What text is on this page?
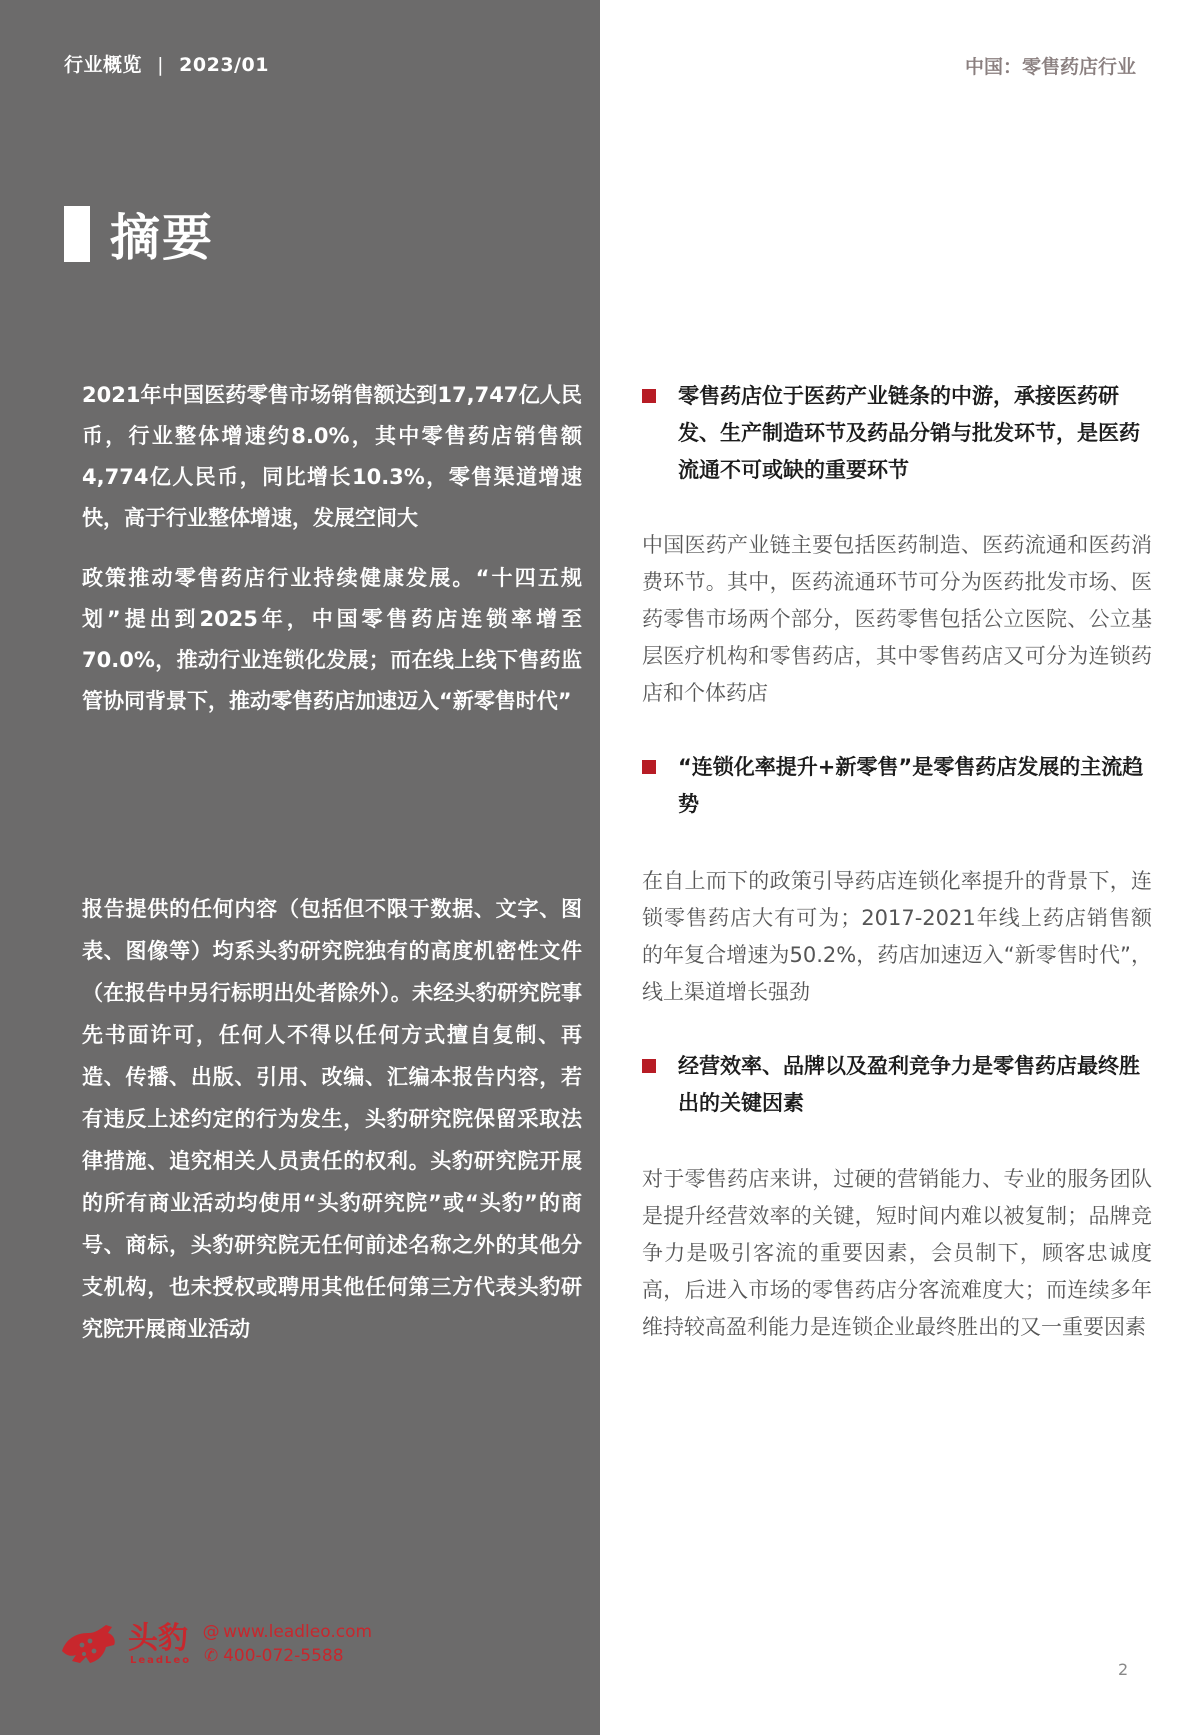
行业概览 | 2023/01	中国：零售药店行业
摘要
2021年中国医药零售市场销售额达到17,747亿人民币，行业整体增速约8.0%，其中零售药店销售额4,774亿人民币，同比增长10.3%，零售渠道增速快，高于行业整体增速，发展空间大
政策推动零售药店行业持续健康发展。“十四五规划”提出到2025年，中国零售药店连锁率增至70.0%，推动行业连锁化发展；而在线上线下售药监管协同背景下，推动零售药店加速迈入“新零售时代”
报告提供的任何内容（包括但不限于数据、文字、图表、图像等）均系头豹研究院独有的高度机密性文件（在报告中另行标明出处者除外）。未经头豹研究院事先书面许可，任何人不得以任何方式擅自复制、再造、传播、出版、引用、改编、汇编本报告内容，若有违反上述约定的行为发生，头豹研究院保留采取法律措施、追究相关人员责任的权利。头豹研究院开展的所有商业活动均使用“头豹研究院”或“头豹”的商号、商标，头豹研究院无任何前述名称之外的其他分支机构，也未授权或聘用其他任何第三方代表头豹研究院开展商业活动
头豹
LeadLeo
@ www.leadleo.com
✆ 400-072-5588
零售药店位于医药产业链条的中游，承接医药研发、生产制造环节及药品分销与批发环节，是医药流通不可或缺的重要环节
中国医药产业链主要包括医药制造、医药流通和医药消费环节。其中，医药流通环节可分为医药批发市场、医药零售市场两个部分，医药零售包括公立医院、公立基层医疗机构和零售药店，其中零售药店又可分为连锁药店和个体药店
“连锁化率提升+新零售”是零售药店发展的主流趋势
在自上而下的政策引导药店连锁化率提升的背景下，连锁零售药店大有可为；2017-2021年线上药店销售额的年复合增速为50.2%，药店加速迈入“新零售时代”，线上渠道增长强劲
经营效率、品牌以及盈利竞争力是零售药店最终胜出的关键因素
对于零售药店来讲，过硬的营销能力、专业的服务团队是提升经营效率的关键，短时间内难以被复制；品牌竞争力是吸引客流的重要因素，会员制下，顾客忠诚度高，后进入市场的零售药店分客流难度大；而连续多年维持较高盈利能力是连锁企业最终胜出的又一重要因素
2
